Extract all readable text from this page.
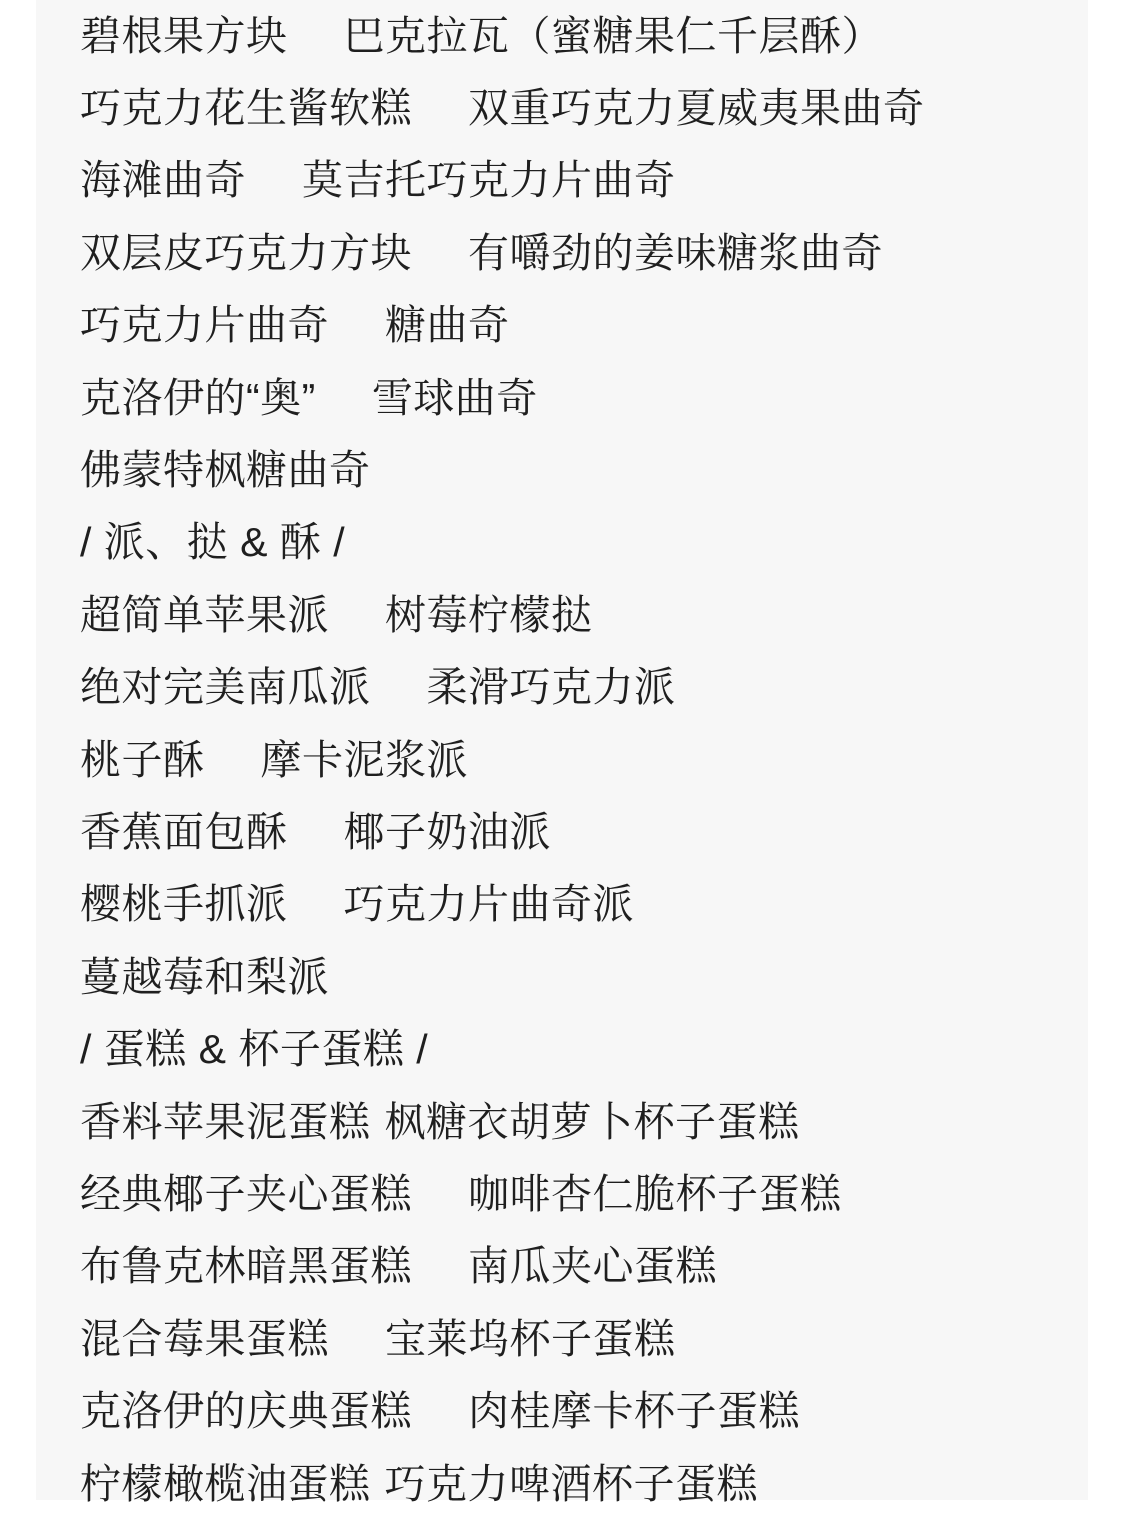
碧根果方块 巴克拉瓦（蜜糖果仁千层酥）
巧克力花生酱软糕 双重巧克力夏威夷果曲奇
海滩曲奇 莫吉托巧克力片曲奇
双层皮巧克力方块 有嚼劲的姜味糖浆曲奇
巧克力片曲奇 糖曲奇
克洛伊的“奥” 雪球曲奇
佛蒙特枫糖曲奇
/ 派、挞 & 酥 /
超简单苹果派 树莓柠檬挞
绝对完美南瓜派 柔滑巧克力派
桃子酥 摩卡泥浆派
香蕉面包酥 椰子奶油派
樱桃手抓派 巧克力片曲奇派
蔓越莓和梨派
/ 蛋糕 & 杯子蛋糕 /
香料苹果泥蛋糕 枫糖衣胡萝卜杯子蛋糕
经典椰子夹心蛋糕 咖啡杏仁脆杯子蛋糕
布鲁克林暗黑蛋糕 南瓜夹心蛋糕
混合莓果蛋糕 宝莱坞杯子蛋糕
克洛伊的庆典蛋糕 肉桂摩卡杯子蛋糕
柠檬橄榄油蛋糕 巧克力啤酒杯子蛋糕
